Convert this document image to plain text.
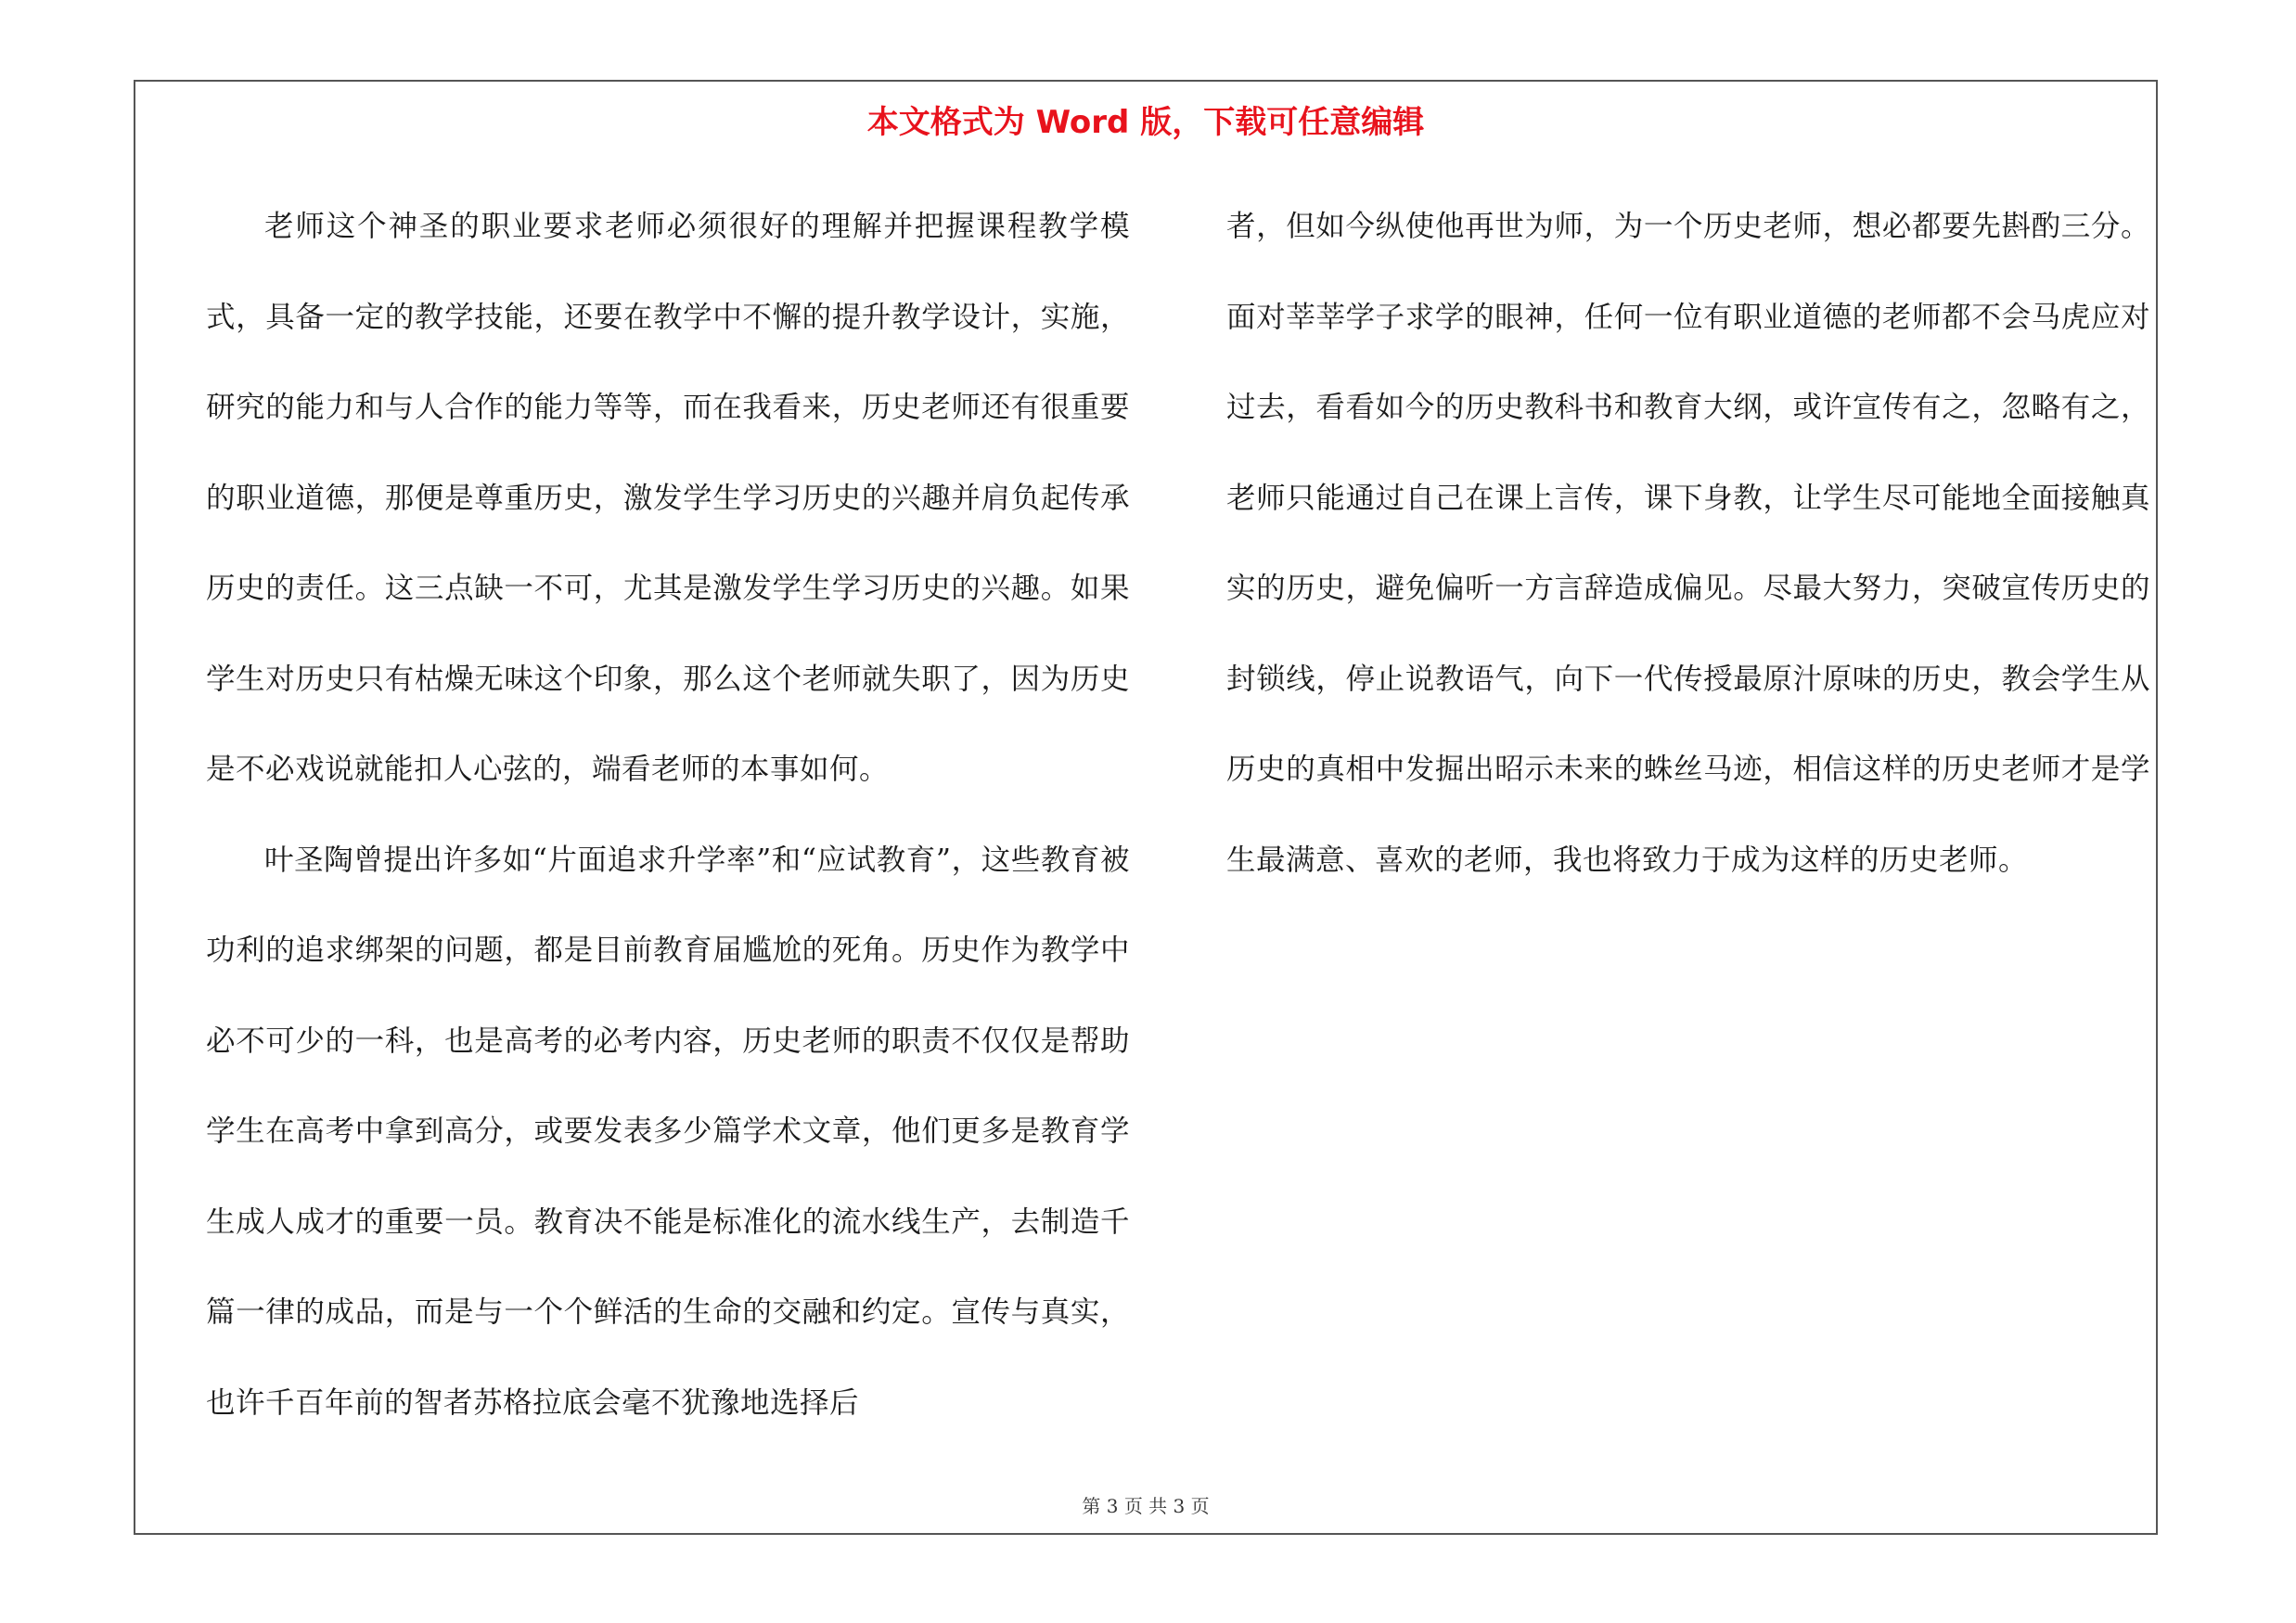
本文格式为 Word 版，下载可任意编辑

老师这个神圣的职业要求老师必须很好的理解并把握课程教学模式，具备一定的教学技能，还要在教学中不懈的提升教学设计，实施，研究的能力和与人合作的能力等等，而在我看来，历史老师还有很重要的职业道德，那便是尊重历史，激发学生学习历史的兴趣并肩负起传承历史的责任。这三点缺一不可，尤其是激发学生学习历史的兴趣。如果学生对历史只有枯燥无味这个印象，那么这个老师就失职了，因为历史是不必戏说就能扣人心弦的，端看老师的本事如何。

叶圣陶曾提出许多如“片面追求升学率”和“应试教育”，这些教育被功利的追求绑架的问题，都是目前教育届尴尬的死角。历史作为教学中必不可少的一科，也是高考的必考内容，历史老师的职责不仅仅是帮助学生在高考中拿到高分，或要发表多少篇学术文章，他们更多是教育学生成人成才的重要一员。教育决不能是标准化的流水线生产，去制造千篇一律的成品，而是与一个个鲜活的生命的交融和约定。宣传与真实，也许千百年前的智者苏格拉底会毫不犹豫地选择后

者，但如今纵使他再世为师，为一个历史老师，想必都要先斟酌三分。面对莘莘学子求学的眼神，任何一位有职业道德的老师都不会马虎应对过去，看看如今的历史教科书和教育大纲，或许宣传有之，忽略有之，老师只能通过自己在课上言传，课下身教，让学生尽可能地全面接触真实的历史，避免偏听一方言辞造成偏见。尽最大努力，突破宣传历史的封锁线，停止说教语气，向下一代传授最原汁原味的历史，教会学生从历史的真相中发掘出昭示未来的蛛丝马迹，相信这样的历史老师才是学生最满意、喜欢的老师，我也将致力于成为这样的历史老师。

第 3 页 共 3 页
